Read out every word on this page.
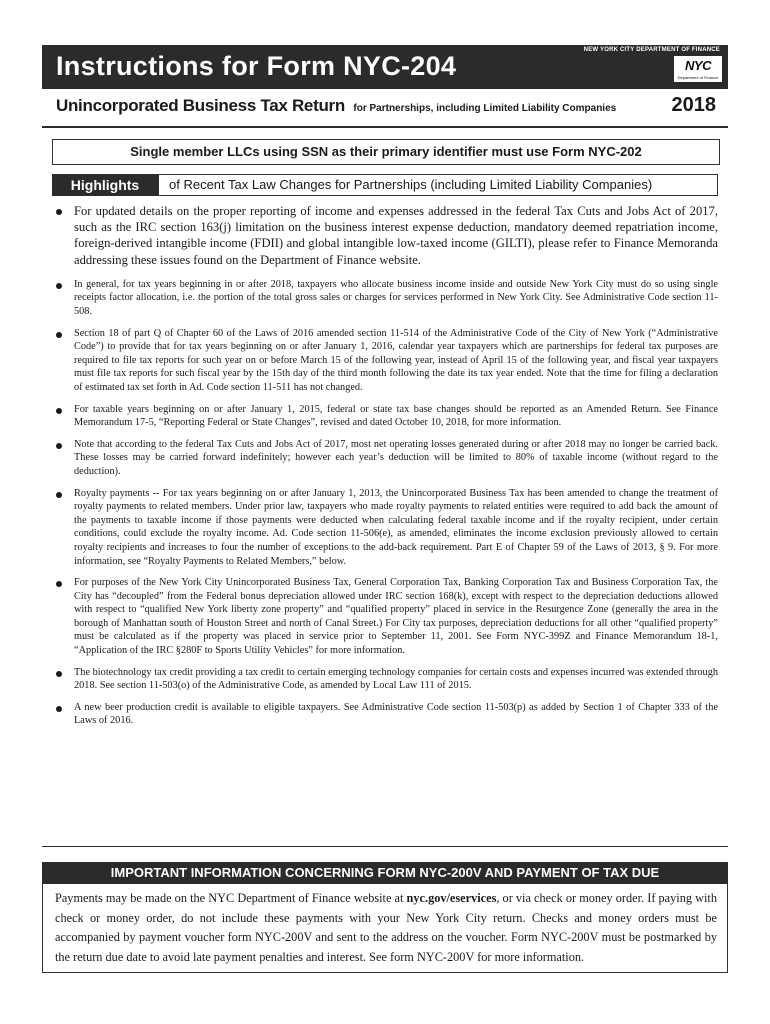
Instructions for Form NYC-204
NEW YORK CITY DEPARTMENT OF FINANCE
NYC
Department of Finance
Unincorporated Business Tax Return for Partnerships, including Limited Liability Companies	2018
Single member LLCs using SSN as their primary identifier must use Form NYC-202
Highlights	of Recent Tax Law Changes for Partnerships (including Limited Liability Companies)
For updated details on the proper reporting of income and expenses addressed in the federal Tax Cuts and Jobs Act of 2017, such as the IRC section 163(j) limitation on the business interest expense deduction, mandatory deemed repatriation income, foreign-derived intangible income (FDII) and global intangible low-taxed income (GILTI), please refer to Finance Memoranda addressing these issues found on the Department of Finance website.
In general, for tax years beginning in or after 2018, taxpayers who allocate business income inside and outside New York City must do so using single receipts factor allocation, i.e. the portion of the total gross sales or charges for services performed in New York City. See Administrative Code section 11-508.
Section 18 of part Q of Chapter 60 of the Laws of 2016 amended section 11-514 of the Administrative Code of the City of New York (“Administrative Code”) to provide that for tax years beginning on or after January 1, 2016, calendar year taxpayers which are partnerships for federal tax purposes are required to file tax reports for such year on or before March 15 of the following year, instead of April 15 of the following year, and fiscal year taxpayers must file tax reports for such fiscal year by the 15th day of the third month following the date its tax year ended. Note that the time for filing a declaration of estimated tax set forth in Ad. Code section 11-511 has not changed.
For taxable years beginning on or after January 1, 2015, federal or state tax base changes should be reported as an Amended Return. See Finance Memorandum 17-5, “Reporting Federal or State Changes”, revised and dated October 10, 2018, for more information.
Note that according to the federal Tax Cuts and Jobs Act of 2017, most net operating losses generated during or after 2018 may no longer be carried back. These losses may be carried forward indefinitely; however each year’s deduction will be limited to 80% of taxable income (without regard to the deduction).
Royalty payments -- For tax years beginning on or after January 1, 2013, the Unincorporated Business Tax has been amended to change the treatment of royalty payments to related members. Under prior law, taxpayers who made royalty payments to related entities were required to add back the amount of the payments to taxable income if those payments were deducted when calculating federal taxable income and if the royalty recipient, under certain conditions, could exclude the royalty income. Ad. Code section 11-506(e), as amended, eliminates the income exclusion previously allowed to certain royalty recipients and increases to four the number of exceptions to the add-back requirement. Part E of Chapter 59 of the Laws of 2013, § 9. For more information, see “Royalty Payments to Related Members,” below.
For purposes of the New York City Unincorporated Business Tax, General Corporation Tax, Banking Corporation Tax and Business Corporation Tax, the City has “decoupled” from the Federal bonus depreciation allowed under IRC section 168(k), except with respect to the depreciation deductions allowed with respect to “qualified New York liberty zone property” and “qualified property” placed in service in the Resurgence Zone (generally the area in the borough of Manhattan south of Houston Street and north of Canal Street.) For City tax purposes, depreciation deductions for all other “qualified property” must be calculated as if the property was placed in service prior to September 11, 2001. See Form NYC-399Z and Finance Memorandum 18-1, “Application of the IRC §280F to Sports Utility Vehicles” for more information.
The biotechnology tax credit providing a tax credit to certain emerging technology companies for certain costs and expenses incurred was extended through 2018. See section 11-503(o) of the Administrative Code, as amended by Local Law 111 of 2015.
A new beer production credit is available to eligible taxpayers. See Administrative Code section 11-503(p) as added by Section 1 of Chapter 333 of the Laws of 2016.
IMPORTANT INFORMATION CONCERNING FORM NYC-200V AND PAYMENT OF TAX DUE
Payments may be made on the NYC Department of Finance website at nyc.gov/eservices, or via check or money order. If paying with check or money order, do not include these payments with your New York City return. Checks and money orders must be accompanied by payment voucher form NYC-200V and sent to the address on the voucher. Form NYC-200V must be postmarked by the return due date to avoid late payment penalties and interest. See form NYC-200V for more information.
